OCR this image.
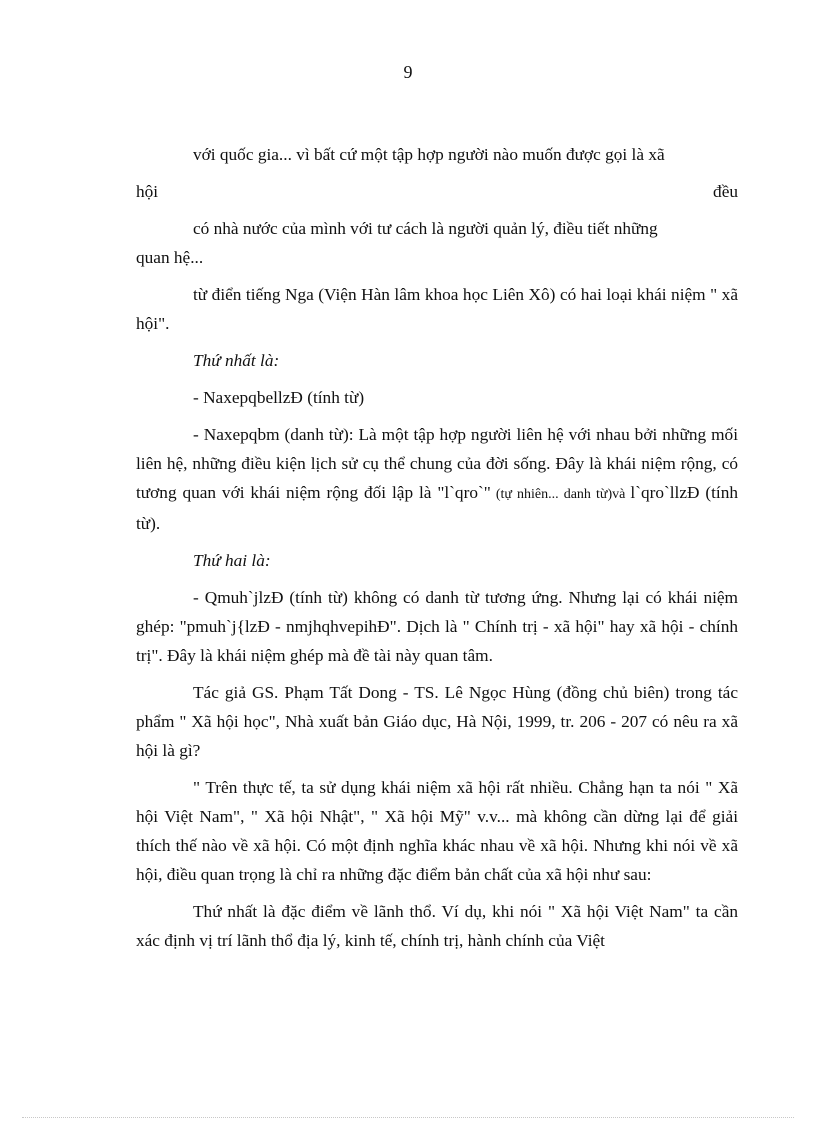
9

với quốc gia... vì bất cứ một tập hợp người nào muốn được gọi là xã

hội	đều

có nhà nước của mình với tư cách là người quản lý, điều tiết những
quan hệ...

từ điển tiếng Nga (Viện Hàn lâm khoa học Liên Xô) có hai loại khái niệm " xã hội".

Thứ nhất là:

- NaxepqbellzĐ (tính từ)

- Naxepqbm (danh từ): Là một tập hợp người liên hệ với nhau bởi những mối liên hệ, những điều kiện lịch sử cụ thể chung của đời sống. Đây là khái niệm rộng, có tương quan với khái niệm rộng đối lập là "l`qro`" (tự nhiên... danh từ)và l`qro`llzĐ (tính từ).

Thứ hai là:

- Qmuh`jlzĐ (tính từ) không có danh từ tương ứng. Nhưng lại có khái niệm ghép: "pmuh`j{lzĐ - nmjhqhvepihĐ". Dịch là " Chính trị - xã hội" hay xã hội - chính trị". Đây là khái niệm ghép mà đề tài này quan tâm.

Tác giả GS. Phạm Tất Dong - TS. Lê Ngọc Hùng (đồng chủ biên) trong tác phẩm " Xã hội học", Nhà xuất bản Giáo dục, Hà Nội, 1999, tr. 206 - 207 có nêu ra xã hội là gì?

" Trên thực tế, ta sử dụng khái niệm xã hội rất nhiều. Chẳng hạn ta nói " Xã hội Việt Nam", " Xã hội Nhật", " Xã hội Mỹ" v.v... mà không cần dừng lại để giải thích thế nào về xã hội. Có một định nghĩa khác nhau về xã hội. Nhưng khi nói về xã hội, điều quan trọng là chỉ ra những đặc điểm bản chất của xã hội như sau:

Thứ nhất là đặc điểm về lãnh thổ. Ví dụ, khi nói " Xã hội Việt Nam" ta cần xác định vị trí lãnh thổ địa lý, kinh tế, chính trị, hành chính của Việt
